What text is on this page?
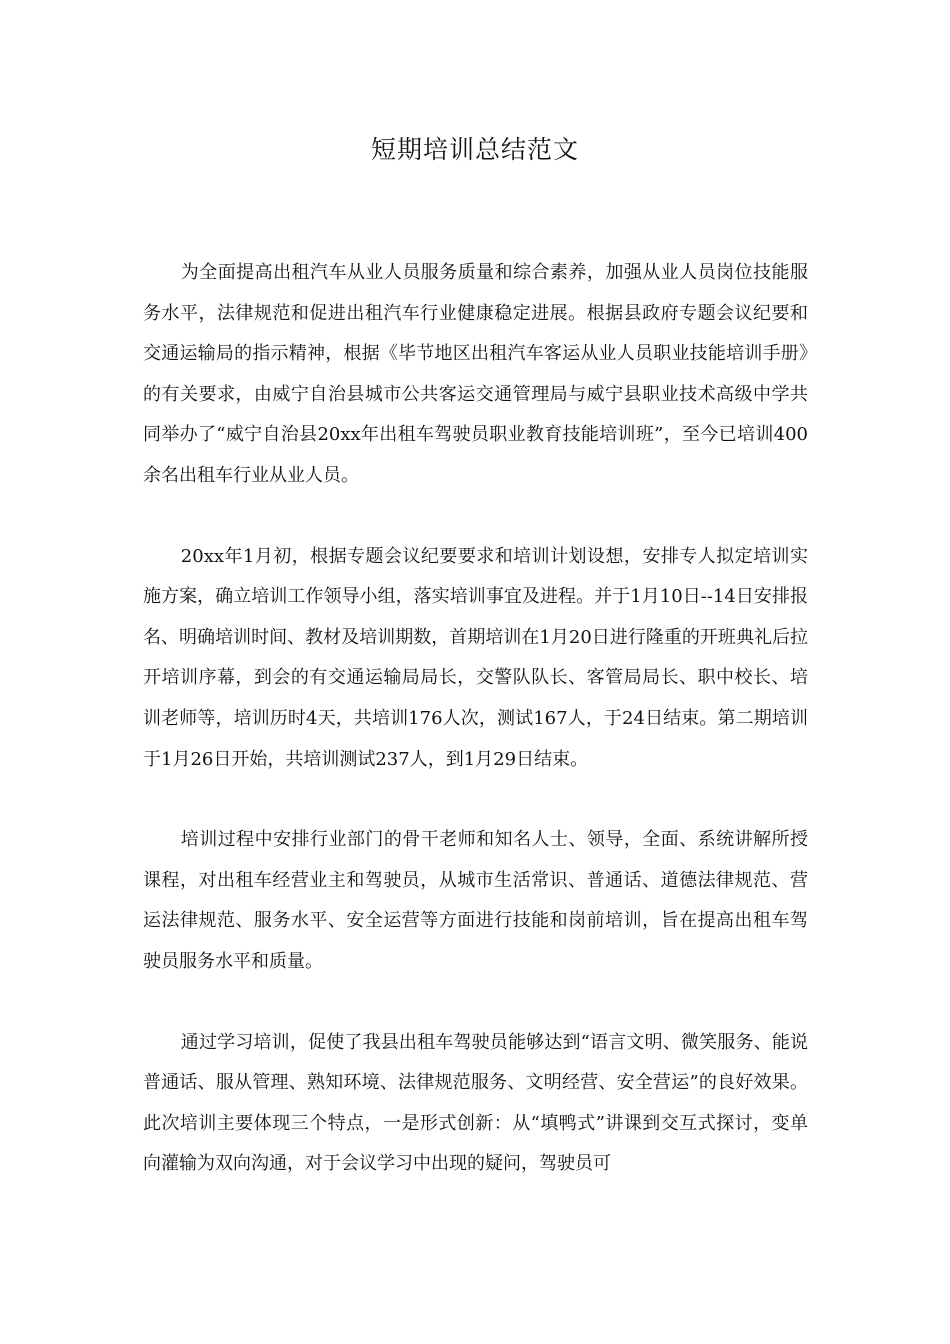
短期培训总结范文

为全面提高出租汽车从业人员服务质量和综合素养，加强从业人员岗位技能服务水平，法律规范和促进出租汽车行业健康稳定进展。根据县政府专题会议纪要和交通运输局的指示精神，根据《毕节地区出租汽车客运从业人员职业技能培训手册》的有关要求，由威宁自治县城市公共客运交通管理局与威宁县职业技术高级中学共同举办了“威宁自治县20xx年出租车驾驶员职业教育技能培训班”，至今已培训400余名出租车行业从业人员。

20xx年1月初，根据专题会议纪要要求和培训计划设想，安排专人拟定培训实施方案，确立培训工作领导小组，落实培训事宜及进程。并于1月10日--14日安排报名、明确培训时间、教材及培训期数，首期培训在1月20日进行隆重的开班典礼后拉开培训序幕，到会的有交通运输局局长，交警队队长、客管局局长、职中校长、培训老师等，培训历时4天，共培训176人次，测试167人，于24日结束。第二期培训于1月26日开始，共培训测试237人，到1月29日结束。

培训过程中安排行业部门的骨干老师和知名人士、领导，全面、系统讲解所授课程，对出租车经营业主和驾驶员，从城市生活常识、普通话、道德法律规范、营运法律规范、服务水平、安全运营等方面进行技能和岗前培训，旨在提高出租车驾驶员服务水平和质量。

通过学习培训，促使了我县出租车驾驶员能够达到“语言文明、微笑服务、能说普通话、服从管理、熟知环境、法律规范服务、文明经营、安全营运”的良好效果。此次培训主要体现三个特点，一是形式创新：从“填鸭式”讲课到交互式探讨，变单向灌输为双向沟通，对于会议学习中出现的疑问，驾驶员可
